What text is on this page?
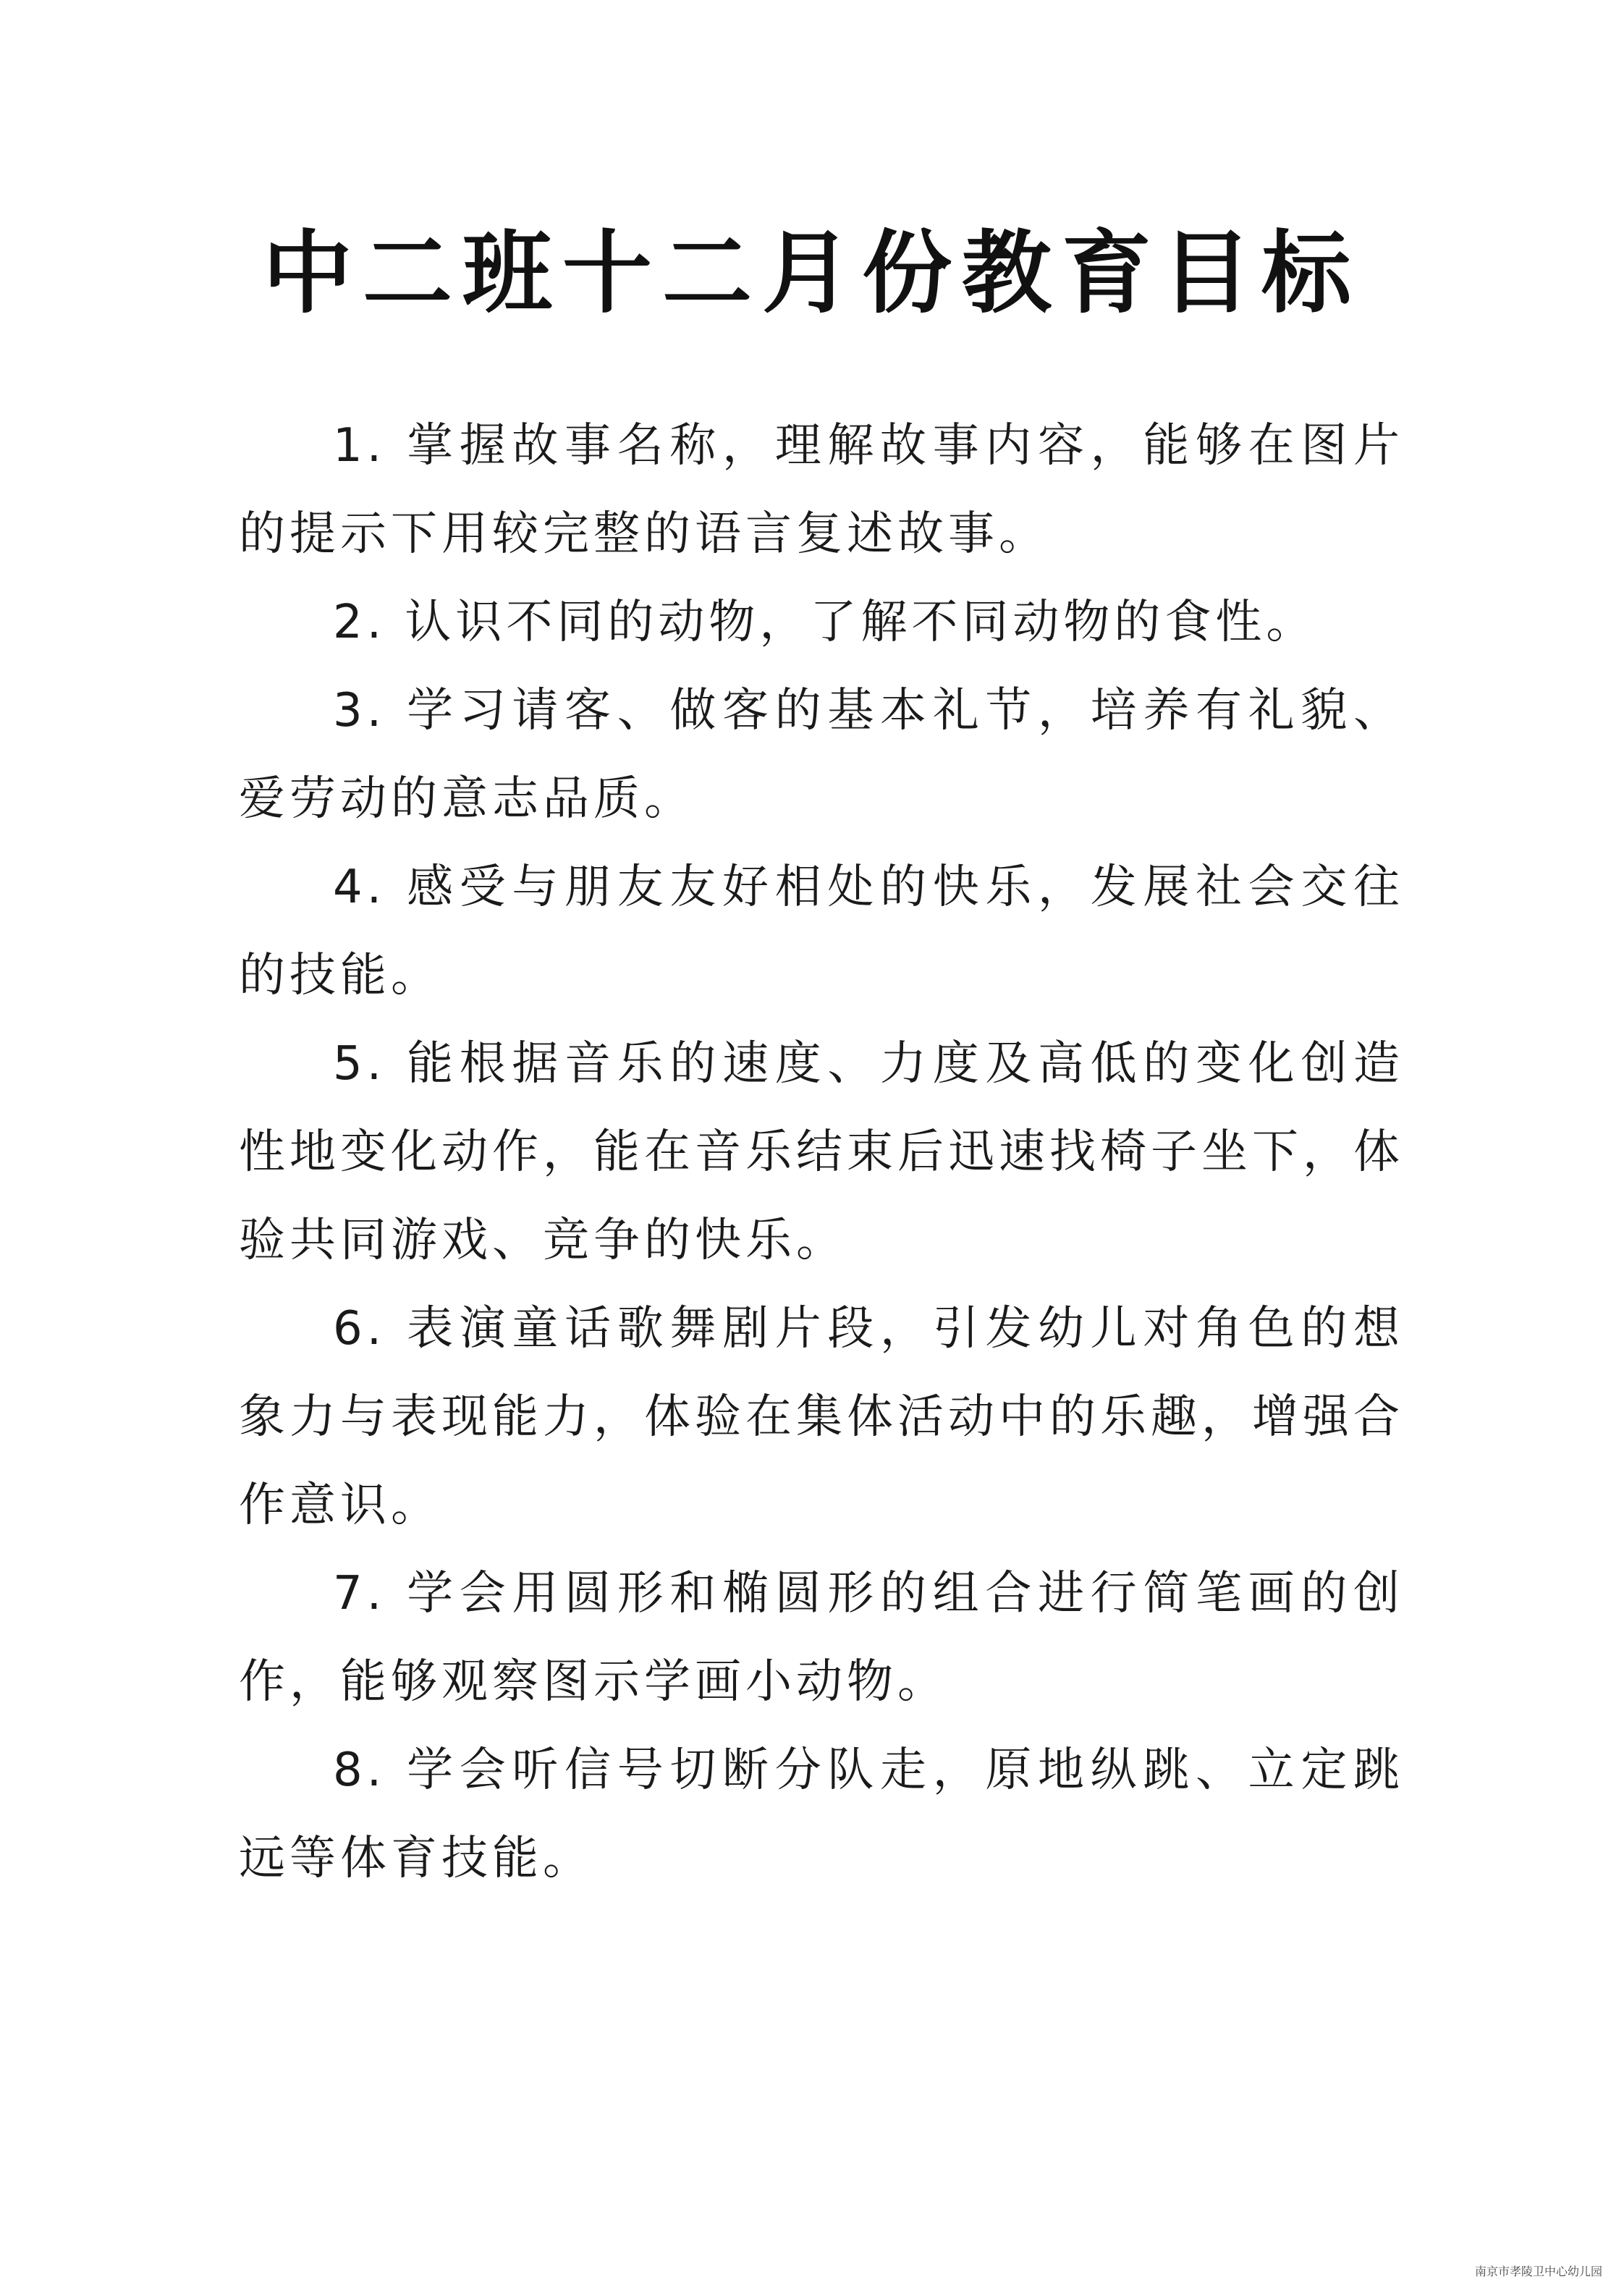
中二班十二月份教育目标

1. 掌握故事名称，理解故事内容，能够在图片的提示下用较完整的语言复述故事。

2. 认识不同的动物，了解不同动物的食性。

3. 学习请客、做客的基本礼节，培养有礼貌、爱劳动的意志品质。

4. 感受与朋友友好相处的快乐，发展社会交往的技能。

5. 能根据音乐的速度、力度及高低的变化创造性地变化动作，能在音乐结束后迅速找椅子坐下，体验共同游戏、竞争的快乐。

6. 表演童话歌舞剧片段，引发幼儿对角色的想象力与表现能力，体验在集体活动中的乐趣，增强合作意识。

7. 学会用圆形和椭圆形的组合进行简笔画的创作，能够观察图示学画小动物。

8. 学会听信号切断分队走，原地纵跳、立定跳远等体育技能。

南京市孝陵卫中心幼儿园
